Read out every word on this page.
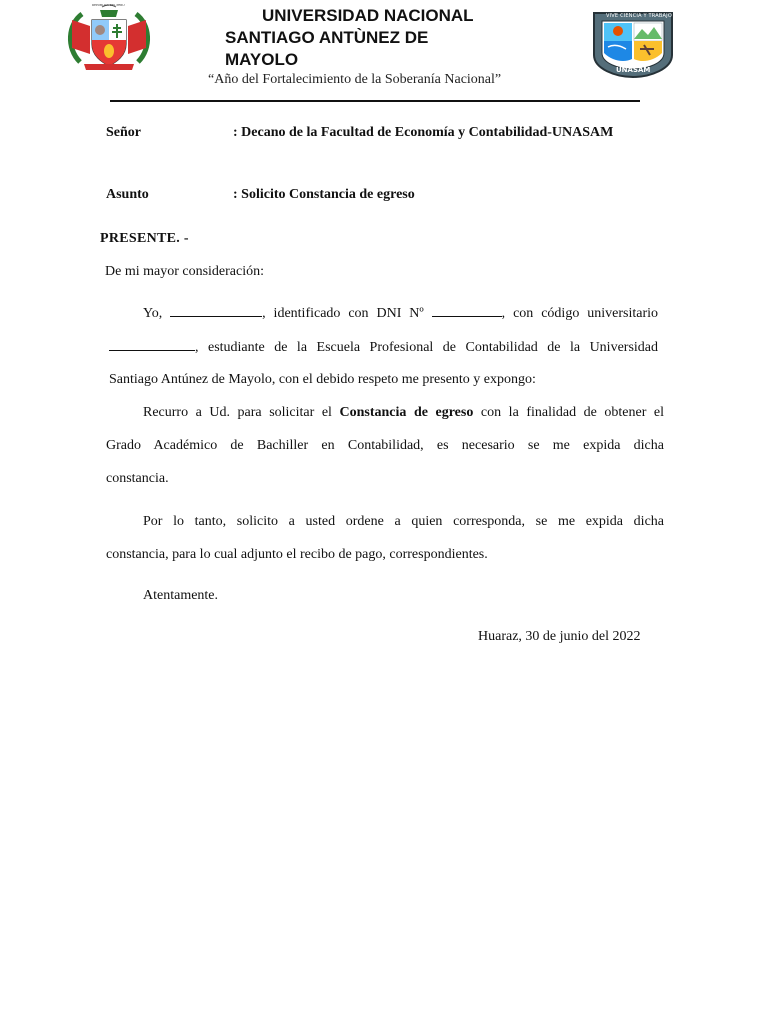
REPUBLICA DEL PERU
UNIVERSIDAD NACIONAL
SANTIAGO ANTÙNEZ DE
MAYOLO
VIVE CIENCIA Y TRABAJO
UNASAM
“Año del Fortalecimiento de la Soberanía Nacional”
Señor	: Decano de la Facultad de Economía y Contabilidad-UNASAM
Asunto	: Solicito Constancia de egreso
PRESENTE. -
De mi mayor consideración:
Yo,	, identificado con DNI Nº	, con código universitario
, estudiante de la Escuela Profesional de Contabilidad de la Universidad
Santiago Antúnez de Mayolo, con el debido respeto me presento y expongo:
Recurro a Ud. para solicitar el Constancia de egreso con la finalidad de obtener el
Grado Académico de Bachiller en Contabilidad, es necesario se me expida dicha
constancia.
Por lo tanto, solicito a usted ordene a quien corresponda, se me expida dicha
constancia, para lo cual adjunto el recibo de pago, correspondientes.
Atentamente.
Huaraz, 30 de junio del 2022
